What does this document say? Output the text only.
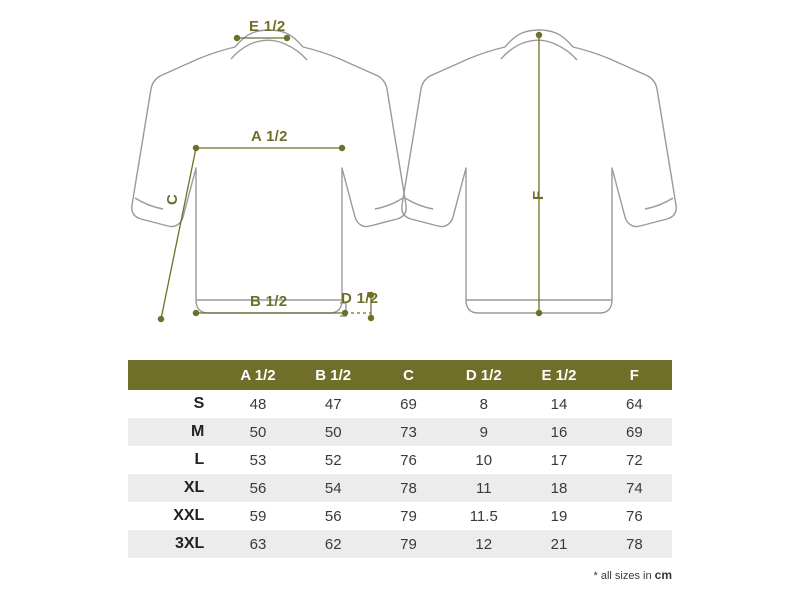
E 1/2
A 1/2
C
B 1/2	D 1/2
F
	A 1/2	B 1/2	C	D 1/2	E 1/2	F
S	48	47	69	8	14	64
M	50	50	73	9	16	69
L	53	52	76	10	17	72
XL	56	54	78	11	18	74
XXL	59	56	79	11.5	19	76
3XL	63	62	79	12	21	78
* all sizes in cm
